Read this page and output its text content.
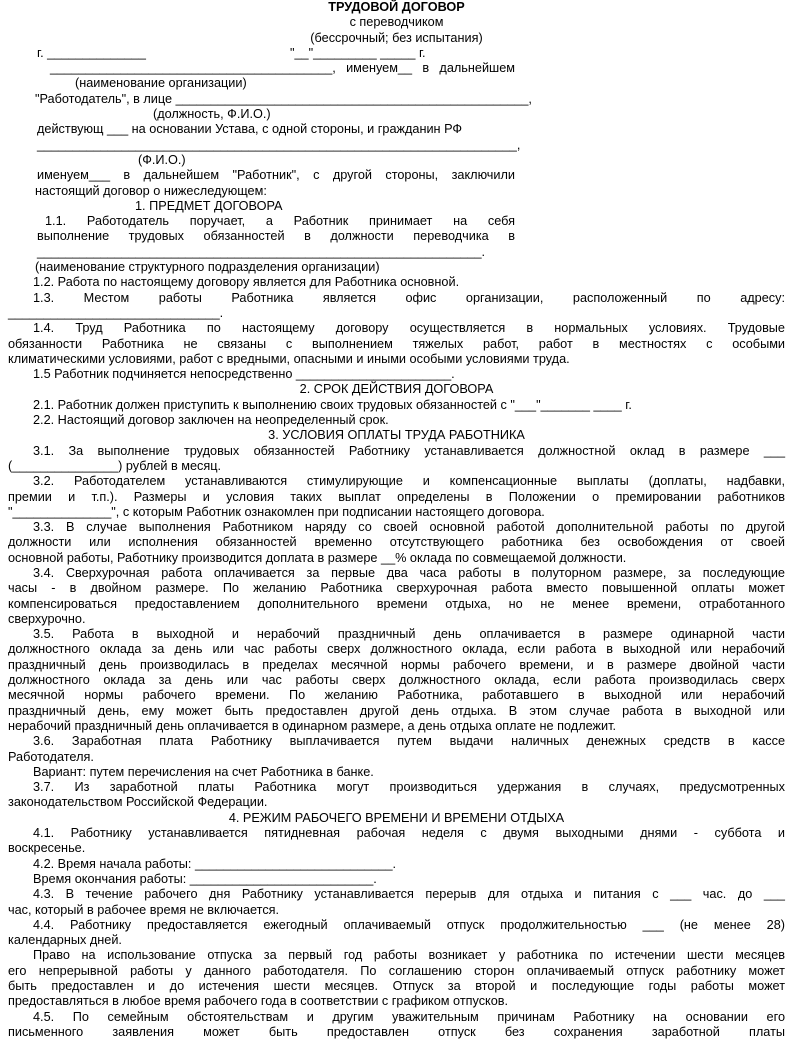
ТРУДОВОЙ ДОГОВОР
с переводчиком
(бессрочный; без испытания)
г. ______________	"__"_________ _____ г.
________________________________________, именуем__ в дальнейшем
(наименование организации)
"Работодатель", в лице __________________________________________________,
(должность, Ф.И.О.)
действующ ___ на основании Устава, с одной стороны, и гражданин РФ
____________________________________________________________________,
(Ф.И.О.)
именуем___ в дальнейшем "Работник", с другой стороны, заключили
настоящий договор о нижеследующем:
1. ПРЕДМЕТ ДОГОВОРА
1.1. Работодатель поручает, а Работник принимает на себя
выполнение трудовых обязанностей в должности переводчика в
_______________________________________________________________.
(наименование структурного подразделения организации)
1.2. Работа по настоящему договору является для Работника основной.
1.3. Местом работы Работника является офис организации, расположенный по адресу:
______________________________.
1.4. Труд Работника по настоящему договору осуществляется в нормальных условиях. Трудовые
обязанности Работника не связаны с выполнением тяжелых работ, работ в местностях с особыми
климатическими условиями, работ с вредными, опасными и иными особыми условиями труда.
1.5 Работник подчиняется непосредственно ______________________.
2. СРОК ДЕЙСТВИЯ ДОГОВОРА
2.1. Работник должен приступить к выполнению своих трудовых обязанностей с "___"_______ ____ г.
2.2. Настоящий договор заключен на неопределенный срок.
3. УСЛОВИЯ ОПЛАТЫ ТРУДА РАБОТНИКА
3.1. За выполнение трудовых обязанностей Работнику устанавливается должностной оклад в размере ___
(_______________) рублей в месяц.
3.2. Работодателем устанавливаются стимулирующие и компенсационные выплаты (доплаты, надбавки,
премии и т.п.). Размеры и условия таких выплат определены в Положении о премировании работников
"______________", с которым Работник ознакомлен при подписании настоящего договора.
3.3. В случае выполнения Работником наряду со своей основной работой дополнительной работы по другой
должности или исполнения обязанностей временно отсутствующего работника без освобождения от своей
основной работы, Работнику производится доплата в размере __% оклада по совмещаемой должности.
3.4. Сверхурочная работа оплачивается за первые два часа работы в полуторном размере, за последующие
часы - в двойном размере. По желанию Работника сверхурочная работа вместо повышенной оплаты может
компенсироваться предоставлением дополнительного времени отдыха, но не менее времени, отработанного
сверхурочно.
3.5. Работа в выходной и нерабочий праздничный день оплачивается в размере одинарной части
должностного оклада за день или час работы сверх должностного оклада, если работа в выходной или нерабочий
праздничный день производилась в пределах месячной нормы рабочего времени, и в размере двойной части
должностного оклада за день или час работы сверх должностного оклада, если работа производилась сверх
месячной нормы рабочего времени. По желанию Работника, работавшего в выходной или нерабочий
праздничный день, ему может быть предоставлен другой день отдыха. В этом случае работа в выходной или
нерабочий праздничный день оплачивается в одинарном размере, а день отдыха оплате не подлежит.
3.6. Заработная плата Работнику выплачивается путем выдачи наличных денежных средств в кассе
Работодателя.
Вариант: путем перечисления на счет Работника в банке.
3.7. Из заработной платы Работника могут производиться удержания в случаях, предусмотренных
законодательством Российской Федерации.
4. РЕЖИМ РАБОЧЕГО ВРЕМЕНИ И ВРЕМЕНИ ОТДЫХА
4.1. Работнику устанавливается пятидневная рабочая неделя с двумя выходными днями - суббота и
воскресенье.
4.2. Время начала работы: ____________________________.
Время окончания работы: __________________________.
4.3. В течение рабочего дня Работнику устанавливается перерыв для отдыха и питания с ___ час. до ___
час, который в рабочее время не включается.
4.4. Работнику предоставляется ежегодный оплачиваемый отпуск продолжительностью ___ (не менее 28)
календарных дней.
Право на использование отпуска за первый год работы возникает у работника по истечении шести месяцев
его непрерывной работы у данного работодателя. По соглашению сторон оплачиваемый отпуск работнику может
быть предоставлен и до истечения шести месяцев. Отпуск за второй и последующие годы работы может
предоставляться в любое время рабочего года в соответствии с графиком отпусков.
4.5. По семейным обстоятельствам и другим уважительным причинам Работнику на основании его
письменного заявления может быть предоставлен отпуск без сохранения заработной платы
